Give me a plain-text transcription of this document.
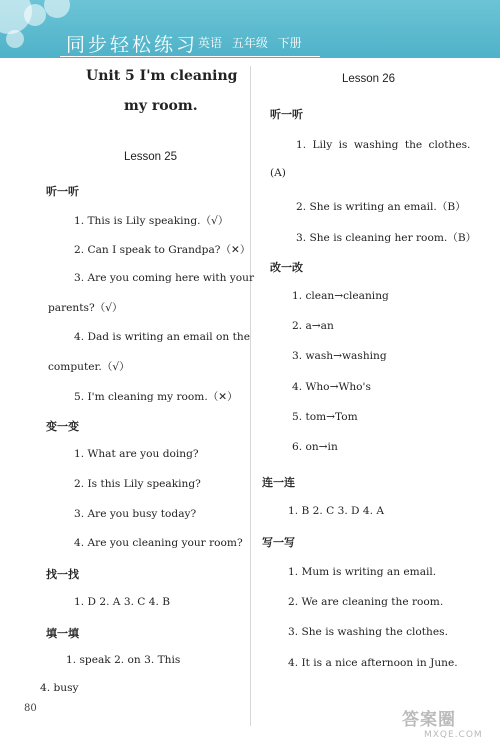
同步轻松练习 英语 五年级 下册
Unit 5 I'm cleaning
my room.
Lesson 25
听一听
1. This is Lily speaking.（√）
2. Can I speak to Grandpa?（✕）
3. Are you coming here with your
parents?（√）
4. Dad is writing an email on the
computer.（√）
5. I'm cleaning my room.（✕）
变一变
1. What are you doing?
2. Is this Lily speaking?
3. Are you busy today?
4. Are you cleaning your room?
找一找
1. D 2. A 3. C 4. B
填一填
1. speak 2. on 3. This
4. busy
Lesson 26
听一听
1. Lily is washing the clothes.
(A)
2. She is writing an email.（B）
3. She is cleaning her room.（B）
改一改
1. clean→cleaning
2. a→an
3. wash→washing
4. Who→Who's
5. tom→Tom
6. on→in
连一连
1. B 2. C 3. D 4. A
写一写
1. Mum is writing an email.
2. We are cleaning the room.
3. She is washing the clothes.
4. It is a nice afternoon in June.
80
答案圈
MXQE.COM
